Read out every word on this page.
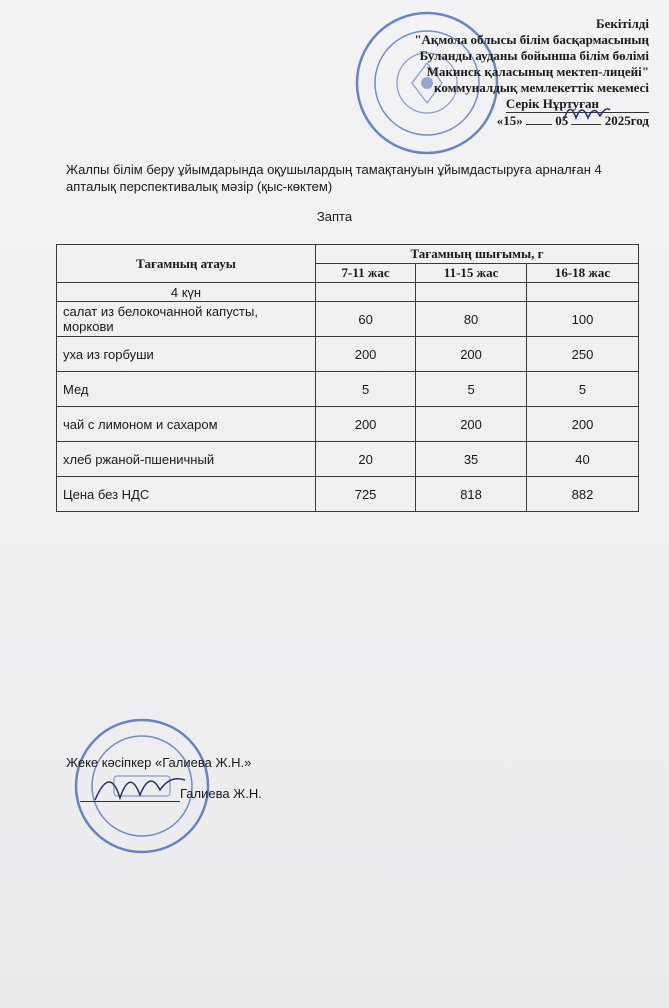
Бекітілді
"Ақмола облысы білім басқармасының
Буланды ауданы бойынша білім бөлімі
Макинск қаласының мектеп-лицейі"
коммуналдық мемлекеттік мекемесі
Серік Нұртуған
«15»	05	2025год
Жалпы білім беру ұйымдарында оқушылардың тамақтануын ұйымдастыруға арналған 4 апталық перспективалық мәзір (қыс-көктем)
Запта
Тағамның атауы	Тағамның шығымы, г		
	7-11 жас	11-15 жас	16-18 жас
4 күн			
салат из белокочанной капусты, моркови	60	80	100
уха из горбуши	200	200	250
Мед	5	5	5
чай с лимоном и сахаром	200	200	200
хлеб ржаной-пшеничный	20	35	40
Цена без НДС	725	818	882
Жеке кәсіпкер «Галиева Ж.Н.»
Галиева Ж.Н.
